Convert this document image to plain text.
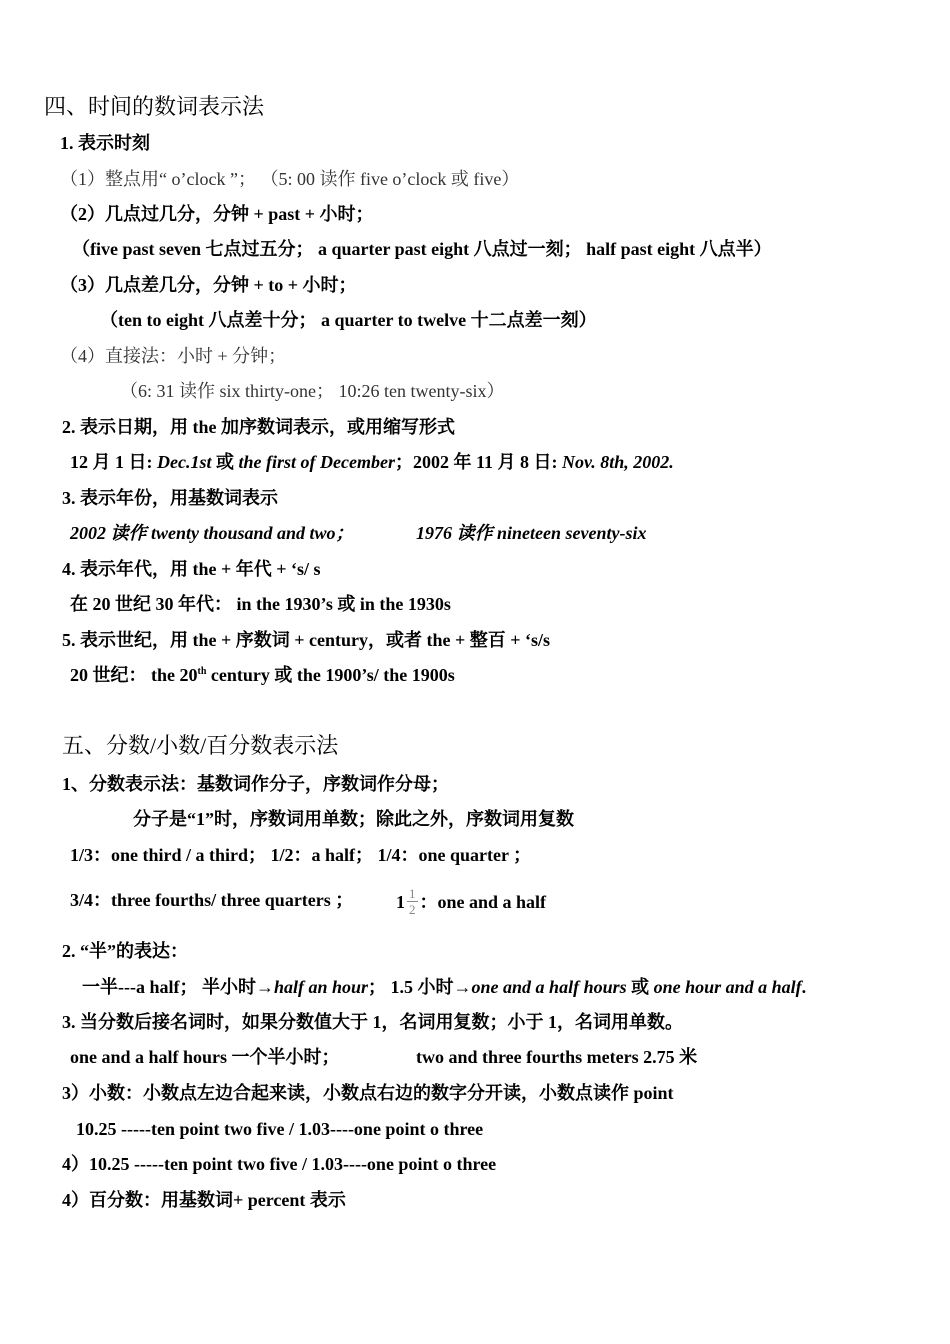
四、时间的数词表示法
1. 表示时刻
（1）整点用“ o’clock ”； （5: 00 读作 five o’clock 或 five）
（2）几点过几分，分钟 + past + 小时；
（five past seven 七点过五分； a quarter past eight 八点过一刻； half past eight 八点半）
（3）几点差几分，分钟 + to + 小时；
（ten to eight 八点差十分； a quarter to twelve 十二点差一刻）
（4）直接法：小时 + 分钟；
（6: 31 读作 six thirty-one； 10:26 ten twenty-six）
2. 表示日期，用 the 加序数词表示，或用缩写形式
12 月 1 日: Dec.1st 或 the first of December；2002 年 11 月 8 日: Nov. 8th, 2002.
3. 表示年份，用基数词表示
2002 读作 twenty thousand and two；	1976 读作 nineteen seventy-six
4. 表示年代，用 the + 年代 + ‘s/ s
在 20 世纪 30 年代： in the 1930’s 或 in the 1930s
5. 表示世纪，用 the + 序数词 + century，或者 the + 整百 + ‘s/s
20 世纪： the 20th century 或 the 1900’s/ the 1900s
五、分数/小数/百分数表示法
1、分数表示法：基数词作分子，序数词作分母；
分子是“1”时，序数词用单数；除此之外，序数词用复数
1/3：one third / a third； 1/2：a half； 1/4：one quarter ；
3/4：three fourths/ three quarters ； $1 \frac{1}{2}$ ：one and a half
2. “半”的表达：
一半---a half； 半小时→half an hour； 1.5 小时→one and a half hours 或 one hour and a half.
3. 当分数后接名词时，如果分数值大于 1，名词用复数；小于 1，名词用单数。
one and a half hours 一个半小时；	two and three fourths meters 2.75 米
3）小数：小数点左边合起来读，小数点右边的数字分开读，小数点读作 point
10.25 -----ten point two five / 1.03----one point o three
4）10.25 -----ten point two five / 1.03----one point o three
4）百分数：用基数词+ percent 表示
